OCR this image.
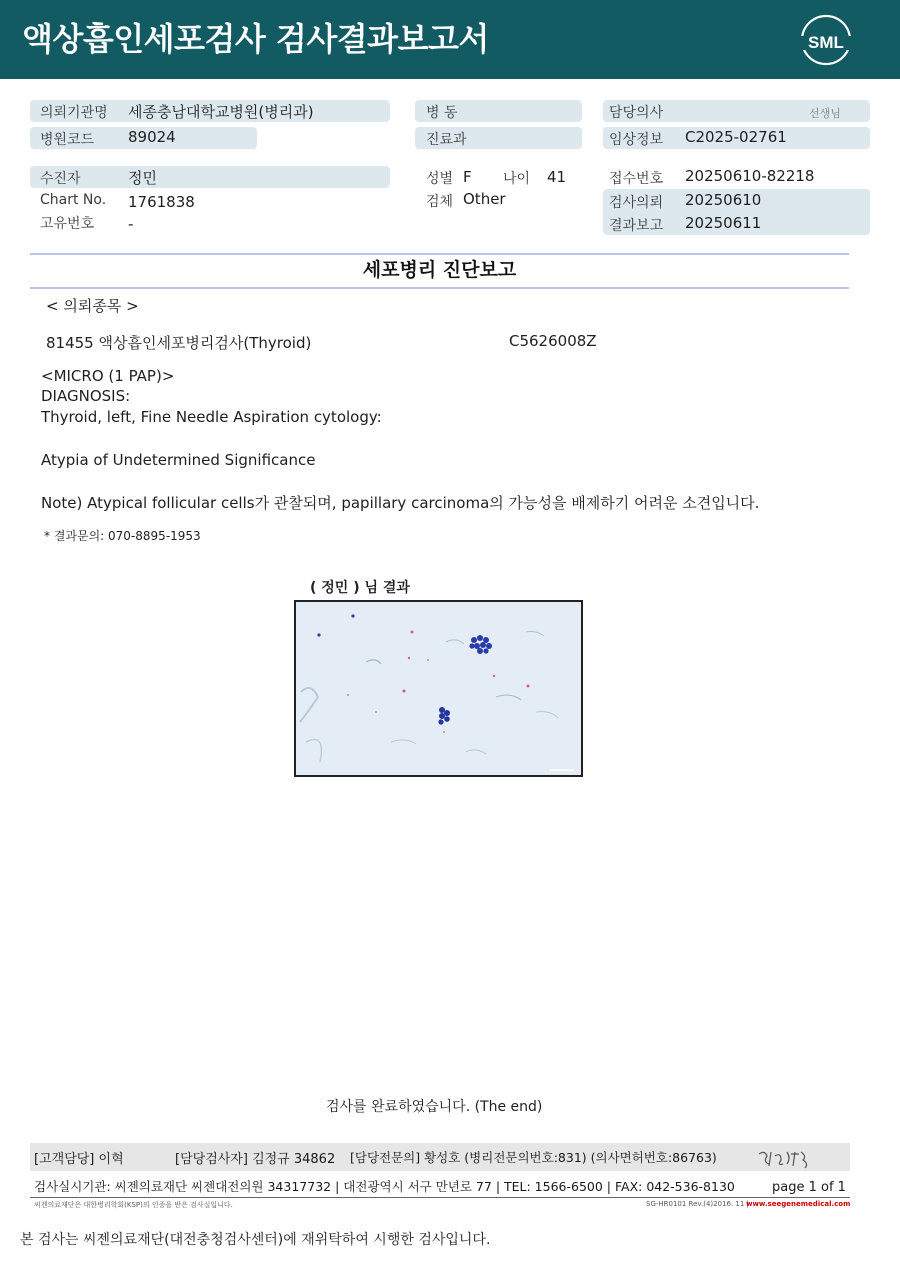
액상흡인세포검사 검사결과보고서	SML
의뢰기관명 세종충남대학교병원(병리과)
병원코드 89024
수진자	정민
Chart No. 1761838
고유번호 -
병 동
진료과
성별 F 나이 41
검체 Other
담당의사	선생님
임상정보 C2025-02761
접수번호 20250610-82218
검사의뢰 20250610
결과보고 20250611
세포병리 진단보고
< 의뢰종목 >
81455 액상흡인세포병리검사(Thyroid)	C5626008Z
<MICRO (1 PAP)>
DIAGNOSIS:
Thyroid, left, Fine Needle Aspiration cytology:
Atypia of Undetermined Significance
Note) Atypical follicular cells가 관찰되며, papillary carcinoma의 가능성을 배제하기 어려운 소견입니다.
* 결과문의: 070-8895-1953
( 정민 ) 님 결과
검사를 완료하였습니다. (The end)
[고객담당] 이혁	[담당검사자] 김정규 34862 [담당전문의] 황성호 (병리전문의번호:831) (의사면허번호:86763)
검사실시기관: 씨젠의료재단 씨젠대전의원 34317732 | 대전광역시 서구 만년로 77 | TEL: 1566-6500 | FAX: 042-536-8130	page 1 of 1
씨젠의료재단은 대한병리학회(KSP)의 인증을 받은 검사실입니다.	SG-HR0101 Rev.(4)2016. 11 |
www.seegenemedical.com
본 검사는 씨젠의료재단(대전충청검사센터)에 재위탁하여 시행한 검사입니다.
